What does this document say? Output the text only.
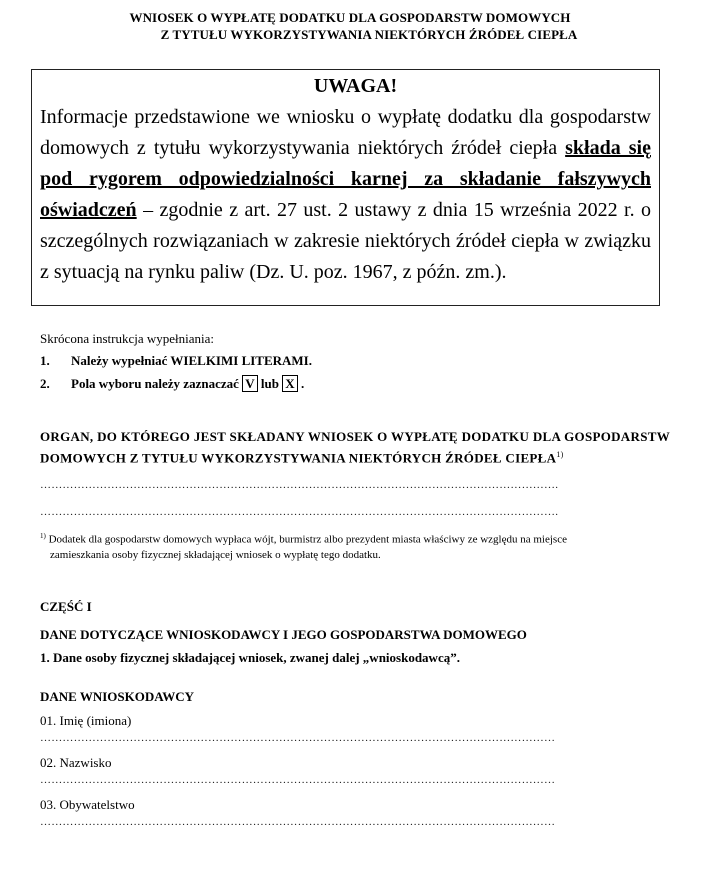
WNIOSEK O WYPŁATĘ DODATKU DLA GOSPODARSTW DOMOWYCH
Z TYTUŁU WYKORZYSTYWANIA NIEKTÓRYCH ŹRÓDEŁ CIEPŁA
UWAGA!
Informacje przedstawione we wniosku o wypłatę dodatku dla gospodarstw domowych z tytułu wykorzystywania niektórych źródeł ciepła składa się pod rygorem odpowiedzialności karnej za składanie fałszywych oświadczeń – zgodnie z art. 27 ust. 2 ustawy z dnia 15 września 2022 r. o szczególnych rozwiązaniach w zakresie niektórych źródeł ciepła w związku z sytuacją na rynku paliw (Dz. U. poz. 1967, z późn. zm.).
Skrócona instrukcja wypełniania:
1.	Należy wypełniać WIELKIMI LITERAMI.
2.	Pola wyboru należy zaznaczać V lub X .
ORGAN, DO KTÓREGO JEST SKŁADANY WNIOSEK O WYPŁATĘ DODATKU DLA GOSPODARSTW DOMOWYCH Z TYTUŁU WYKORZYSTYWANIA NIEKTÓRYCH ŹRÓDEŁ CIEPŁA$^{1)}$
………………………………………………………………………………………………………………………….
………………………………………………………………………………………………………………………….
$^{1)}$ Dodatek dla gospodarstw domowych wypłaca wójt, burmistrz albo prezydent miasta właściwy ze względu na miejsce
zamieszkania osoby fizycznej składającej wniosek o wypłatę tego dodatku.
CZĘŚĆ I
DANE DOTYCZĄCE WNIOSKODAWCY I JEGO GOSPODARSTWA DOMOWEGO
1. Dane osoby fizycznej składającej wniosek, zwanej dalej „wnioskodawcą”.
DANE WNIOSKODAWCY
01. Imię (imiona)
…………………………………………………………………………………………………………………………
02. Nazwisko
…………………………………………………………………………………………………………………………
03. Obywatelstwo
…………………………………………………………………………………………………………………………
